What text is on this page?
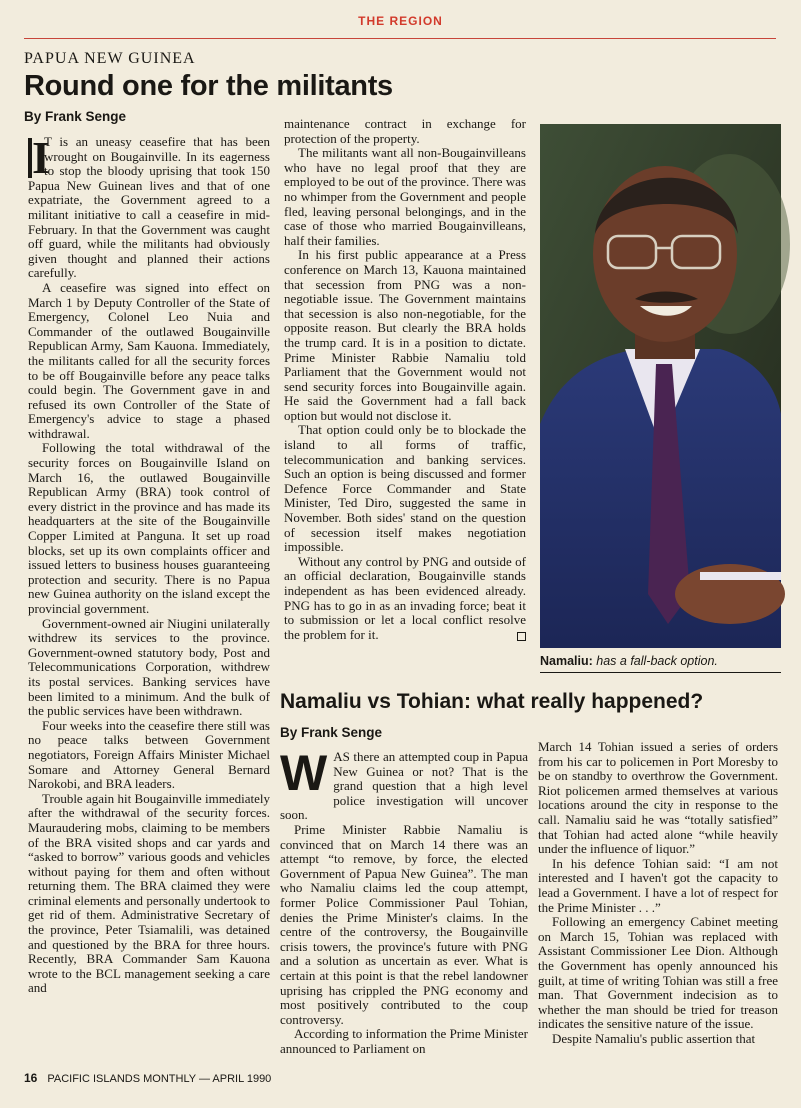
THE REGION
PAPUA NEW GUINEA
Round one for the militants
By Frank Senge

I
T is an uneasy ceasefire that has been wrought on Bougainville. In its eagerness to stop the bloody uprising that took 150 Papua New Guinean lives and that of one expatriate, the Government agreed to a militant initiative to call a ceasefire in mid-February. In that the Government was caught off guard, while the militants had obviously given thought and planned their actions carefully.

A ceasefire was signed into effect on March 1 by Deputy Controller of the State of Emergency, Colonel Leo Nuia and Commander of the outlawed Bougainville Republican Army, Sam Kauona. Immediately, the militants called for all the security forces to be off Bougainville before any peace talks could begin. The Government gave in and refused its own Controller of the State of Emergency's advice to stage a phased withdrawal.

Following the total withdrawal of the security forces on Bougainville Island on March 16, the outlawed Bougainville Republican Army (BRA) took control of every district in the province and has made its headquarters at the site of the Bougainville Copper Limited at Panguna. It set up road blocks, set up its own complaints officer and issued letters to business houses guaranteeing protection and security. There is no Papua new Guinea authority on the island except the provincial government.

Government-owned air Niugini unilaterally withdrew its services to the province. Government-owned statutory body, Post and Telecommunications Corporation, withdrew its postal services. Banking services have been limited to a minimum. And the bulk of the public services have been withdrawn.

Four weeks into the ceasefire there still was no peace talks between Government negotiators, Foreign Affairs Minister Michael Somare and Attorney General Bernard Narokobi, and BRA leaders.

Trouble again hit Bougainville immediately after the withdrawal of the security forces. Mauraudering mobs, claiming to be members of the BRA visited shops and car yards and “asked to borrow” various goods and vehicles without paying for them and often without returning them. The BRA claimed they were criminal elements and personally undertook to get rid of them. Administrative Secretary of the province, Peter Tsiamalili, was detained and questioned by the BRA for three hours. Recently, BRA Commander Sam Kauona wrote to the BCL management seeking a care and

maintenance contract in exchange for protection of the property.

The militants want all non-Bougainvilleans who have no legal proof that they are employed to be out of the province. There was no whimper from the Government and people fled, leaving personal belongings, and in the case of those who married Bougainvilleans, half their families.

In his first public appearance at a Press conference on March 13, Kauona maintained that secession from PNG was a non-negotiable issue. The Government maintains that secession is also non-negotiable, for the opposite reason. But clearly the BRA holds the trump card. It is in a position to dictate. Prime Minister Rabbie Namaliu told Parliament that the Government would not send security forces into Bougainville again. He said the Government had a fall back option but would not disclose it.

That option could only be to blockade the island to all forms of traffic, telecommunication and banking services. Such an option is being discussed and former Defence Force Commander and State Minister, Ted Diro, suggested the same in November. Both sides' stand on the question of secession itself makes negotiation impossible.

Without any control by PNG and outside of an official declaration, Bougainville stands independent as has been evidenced already. PNG has to go in as an invading force; beat it to submission or let a local conflict resolve the problem for it.

Namaliu: has a fall-back option.
Namaliu vs Tohian: what really happened?
By Frank Senge

WAS there an attempted coup in Papua New Guinea or not? That is the grand question that a high level police investigation will uncover soon.

Prime Minister Rabbie Namaliu is convinced that on March 14 there was an attempt “to remove, by force, the elected Government of Papua New Guinea”. The man who Namaliu claims led the coup attempt, former Police Commissioner Paul Tohian, denies the Prime Minister's claims. In the centre of the controversy, the Bougainville crisis towers, the province's future with PNG and a solution as uncertain as ever. What is certain at this point is that the rebel landowner uprising has crippled the PNG economy and most positively contributed to the coup controversy.

According to information the Prime Minister announced to Parliament on

March 14 Tohian issued a series of orders from his car to policemen in Port Moresby to be on standby to overthrow the Government. Riot policemen armed themselves at various locations around the city in response to the call. Namaliu said he was “totally satisfied” that Tohian had acted alone “while heavily under the influence of liquor.”

In his defence Tohian said: “I am not interested and I haven't got the capacity to lead a Government. I have a lot of respect for the Prime Minister . . .”

Following an emergency Cabinet meeting on March 15, Tohian was replaced with Assistant Commissioner Lee Dion. Although the Government has openly announced his guilt, at time of writing Tohian was still a free man. That Government indecision as to whether the man should be tried for treason indicates the sensitive nature of the issue.

Despite Namaliu's public assertion that

16 PACIFIC ISLANDS MONTHLY — APRIL 1990
